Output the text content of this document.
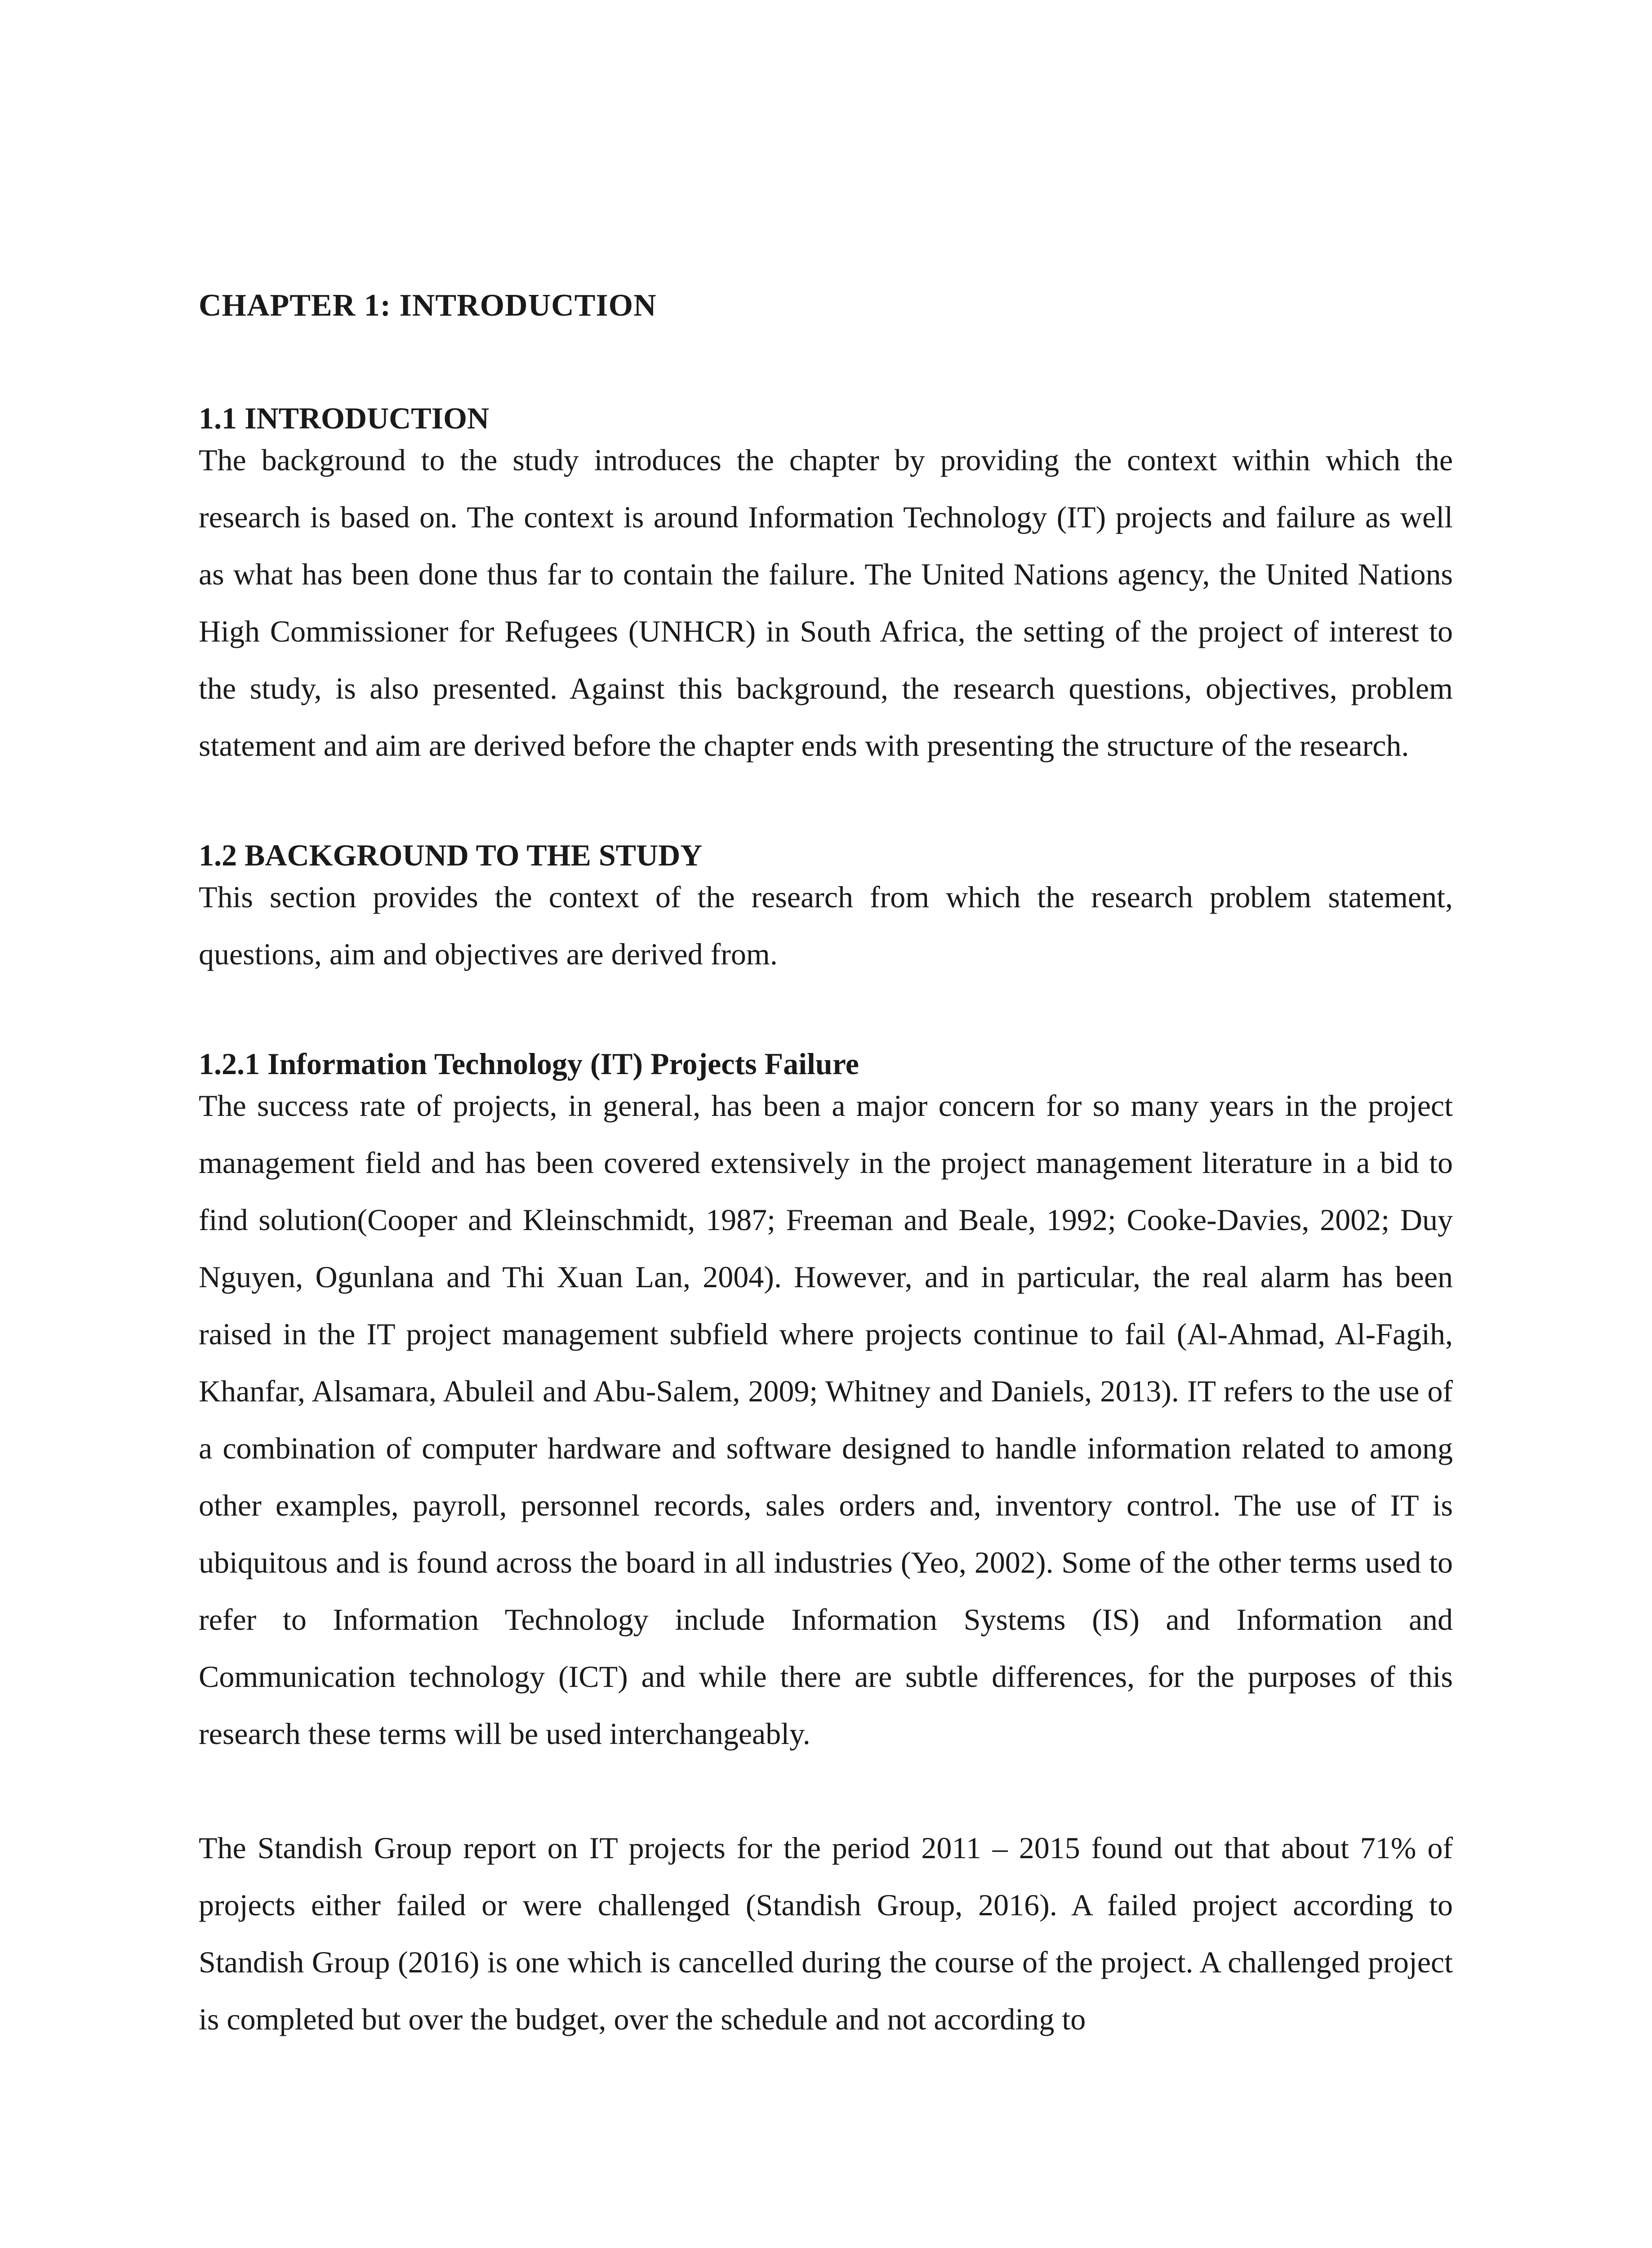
CHAPTER 1: INTRODUCTION
1.1 INTRODUCTION

The background to the study introduces the chapter by providing the context within which the research is based on. The context is around Information Technology (IT) projects and failure as well as what has been done thus far to contain the failure. The United Nations agency, the United Nations High Commissioner for Refugees (UNHCR) in South Africa, the setting of the project of interest to the study, is also presented. Against this background, the research questions, objectives, problem statement and aim are derived before the chapter ends with presenting the structure of the research.

1.2 BACKGROUND TO THE STUDY

This section provides the context of the research from which the research problem statement, questions, aim and objectives are derived from.

1.2.1 Information Technology (IT) Projects Failure

The success rate of projects, in general, has been a major concern for so many years in the project management field and has been covered extensively in the project management literature in a bid to find solution(Cooper and Kleinschmidt, 1987; Freeman and Beale, 1992; Cooke-Davies, 2002; Duy Nguyen, Ogunlana and Thi Xuan Lan, 2004). However, and in particular, the real alarm has been raised in the IT project management subfield where projects continue to fail (Al-Ahmad, Al-Fagih, Khanfar, Alsamara, Abuleil and Abu-Salem, 2009; Whitney and Daniels, 2013). IT refers to the use of a combination of computer hardware and software designed to handle information related to among other examples, payroll, personnel records, sales orders and, inventory control. The use of IT is ubiquitous and is found across the board in all industries (Yeo, 2002). Some of the other terms used to refer to Information Technology include Information Systems (IS) and Information and Communication technology (ICT) and while there are subtle differences, for the purposes of this research these terms will be used interchangeably.

The Standish Group report on IT projects for the period 2011 – 2015 found out that about 71% of projects either failed or were challenged (Standish Group, 2016). A failed project according to Standish Group (2016) is one which is cancelled during the course of the project. A challenged project is completed but over the budget, over the schedule and not according to
